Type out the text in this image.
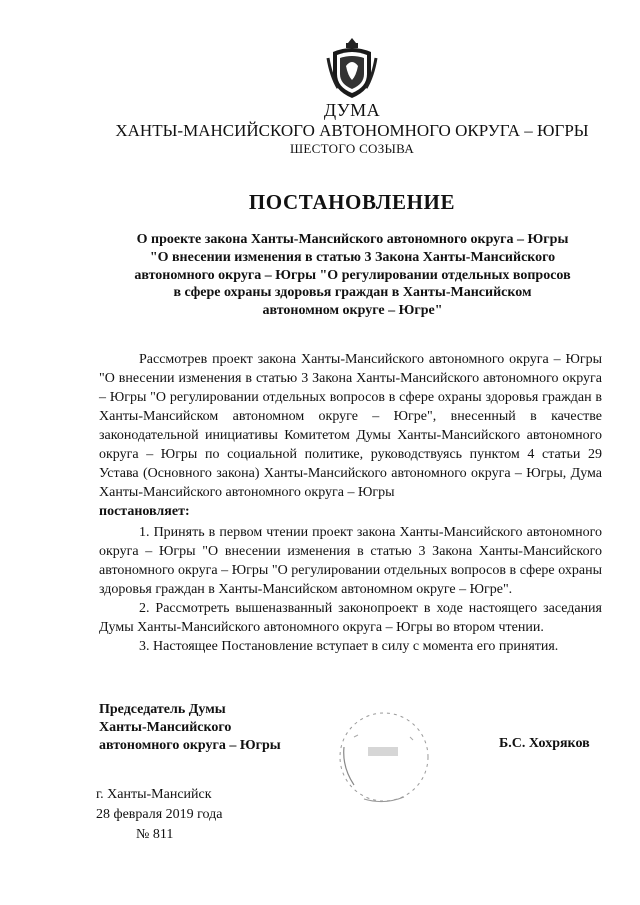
ДУМА
ХАНТЫ-МАНСИЙСКОГО АВТОНОМНОГО ОКРУГА – ЮГРЫ
ШЕСТОГО СОЗЫВА
ПОСТАНОВЛЕНИЕ
О проекте закона Ханты-Мансийского автономного округа – Югры
"О внесении изменения в статью 3 Закона Ханты-Мансийского
автономного округа – Югры "О регулировании отдельных вопросов
в сфере охраны здоровья граждан в Ханты-Мансийском
автономном округе – Югре"

Рассмотрев проект закона Ханты-Мансийского автономного округа – Югры "О внесении изменения в статью 3 Закона Ханты-Мансийского автономного округа – Югры "О регулировании отдельных вопросов в сфере охраны здоровья граждан в Ханты-Мансийском автономном округе – Югре", внесенный в качестве законодательной инициативы Комитетом Думы Ханты-Мансийского автономного округа – Югры по социальной политике, руководствуясь пунктом 4 статьи 29 Устава (Основного закона) Ханты-Мансийского автономного округа – Югры, Дума Ханты-Мансийского автономного округа – Югры

постановляет:

1. Принять в первом чтении проект закона Ханты-Мансийского автономного округа – Югры "О внесении изменения в статью 3 Закона Ханты-Мансийского автономного округа – Югры "О регулировании отдельных вопросов в сфере охраны здоровья граждан в Ханты-Мансийском автономном округе – Югре".

2. Рассмотреть вышеназванный законопроект в ходе настоящего заседания Думы Ханты-Мансийского автономного округа – Югры во втором чтении.

3. Настоящее Постановление вступает в силу с момента его принятия.

Председатель Думы
Ханты-Мансийского
автономного округа – Югры	Б.С. Хохряков
г. Ханты-Мансийск
28 февраля 2019 года
№ 811
